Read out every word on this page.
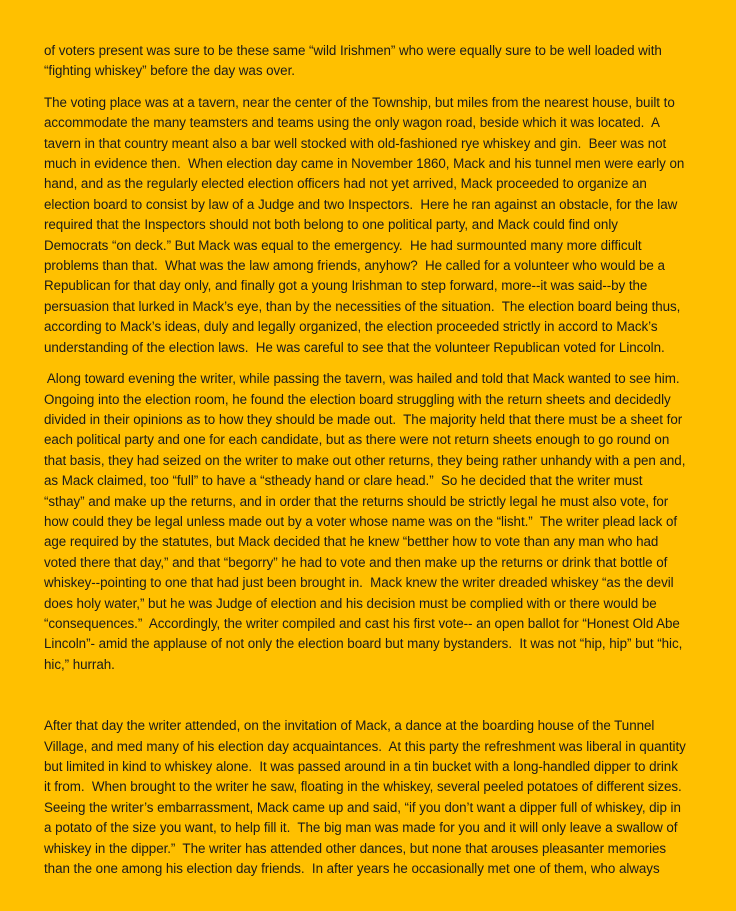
of voters present was sure to be these same “wild Irishmen” who were equally sure to be well loaded with
“fighting whiskey” before the day was over.

The voting place was at a tavern, near the center of the Township, but miles from the nearest house, built to
accommodate the many teamsters and teams using the only wagon road, beside which it was located.  A
tavern in that country meant also a bar well stocked with old-fashioned rye whiskey and gin.  Beer was not
much in evidence then.  When election day came in November 1860, Mack and his tunnel men were early on
hand, and as the regularly elected election officers had not yet arrived, Mack proceeded to organize an
election board to consist by law of a Judge and two Inspectors.  Here he ran against an obstacle, for the law
required that the Inspectors should not both belong to one political party, and Mack could find only
Democrats “on deck.” But Mack was equal to the emergency.  He had surmounted many more difficult
problems than that.  What was the law among friends, anyhow?  He called for a volunteer who would be a
Republican for that day only, and finally got a young Irishman to step forward, more--it was said--by the
persuasion that lurked in Mack’s eye, than by the necessities of the situation.  The election board being thus,
according to Mack’s ideas, duly and legally organized, the election proceeded strictly in accord to Mack’s
understanding of the election laws.  He was careful to see that the volunteer Republican voted for Lincoln.

Along toward evening the writer, while passing the tavern, was hailed and told that Mack wanted to see him.
Ongoing into the election room, he found the election board struggling with the return sheets and decidedly
divided in their opinions as to how they should be made out.  The majority held that there must be a sheet for
each political party and one for each candidate, but as there were not return sheets enough to go round on
that basis, they had seized on the writer to make out other returns, they being rather unhandy with a pen and,
as Mack claimed, too “full” to have a “stheady hand or clare head.”  So he decided that the writer must
“sthay” and make up the returns, and in order that the returns should be strictly legal he must also vote, for
how could they be legal unless made out by a voter whose name was on the “lisht.”  The writer plead lack of
age required by the statutes, but Mack decided that he knew “betther how to vote than any man who had
voted there that day,” and that “begorry” he had to vote and then make up the returns or drink that bottle of
whiskey--pointing to one that had just been brought in.  Mack knew the writer dreaded whiskey “as the devil
does holy water,” but he was Judge of election and his decision must be complied with or there would be
“consequences.”  Accordingly, the writer compiled and cast his first vote-- an open ballot for “Honest Old Abe
Lincoln”- amid the applause of not only the election board but many bystanders.  It was not “hip, hip” but “hic,
hic,” hurrah.

After that day the writer attended, on the invitation of Mack, a dance at the boarding house of the Tunnel
Village, and med many of his election day acquaintances.  At this party the refreshment was liberal in quantity
but limited in kind to whiskey alone.  It was passed around in a tin bucket with a long-handled dipper to drink
it from.  When brought to the writer he saw, floating in the whiskey, several peeled potatoes of different sizes.
Seeing the writer’s embarrassment, Mack came up and said, “if you don’t want a dipper full of whiskey, dip in
a potato of the size you want, to help fill it.  The big man was made for you and it will only leave a swallow of
whiskey in the dipper.”  The writer has attended other dances, but none that arouses pleasanter memories
than the one among his election day friends.  In after years he occasionally met one of them, who always
